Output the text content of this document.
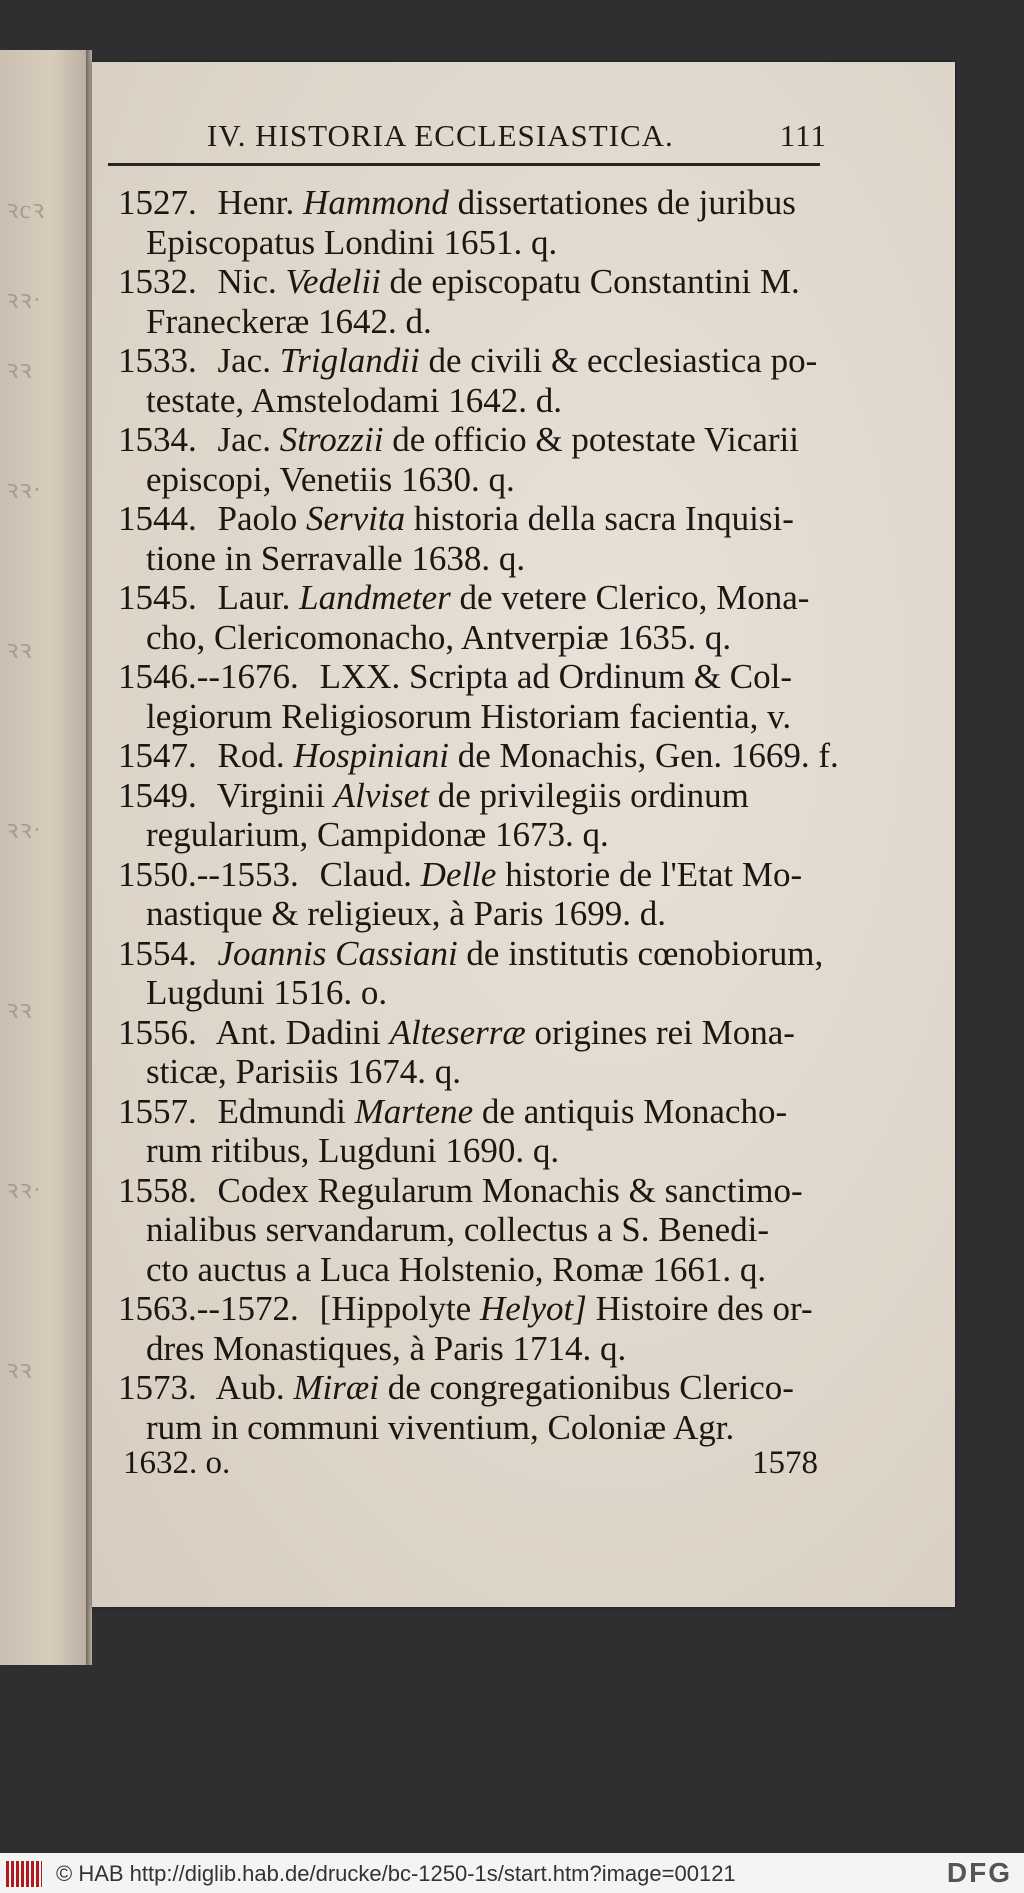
ꝛcꝛ
ꝛꝛ·
ꝛꝛ
ꝛꝛ·
ꝛꝛ
ꝛꝛ·
ꝛꝛ
ꝛꝛ·
ꝛꝛ
IV. HISTORIA ECCLESIASTICA.	111
1527. Henr. Hammond dissertationes de juribus
Episcopatus Londini 1651. q.
1532. Nic. Vedelii de episcopatu Constantini M.
Franeckeræ 1642. d.
1533. Jac. Triglandii de civili & ecclesiastica po-
testate, Amstelodami 1642. d.
1534. Jac. Strozzii de officio & potestate Vicarii
episcopi, Venetiis 1630. q.
1544. Paolo Servita historia della sacra Inquisi-
tione in Serravalle 1638. q.
1545. Laur. Landmeter de vetere Clerico, Mona-
cho, Clericomonacho, Antverpiæ 1635. q.
1546.--1676. LXX. Scripta ad Ordinum & Col-
legiorum Religiosorum Historiam facientia, v.
1547. Rod. Hospiniani de Monachis, Gen. 1669. f.
1549. Virginii Alviset de privilegiis ordinum
regularium, Campidonæ 1673. q.
1550.--1553. Claud. Delle historie de l'Etat Mo-
nastique & religieux, à Paris 1699. d.
1554. Joannis Cassiani de institutis cœnobiorum,
Lugduni 1516. o.
1556. Ant. Dadini Alteserræ origines rei Mona-
sticæ, Parisiis 1674. q.
1557. Edmundi Martene de antiquis Monacho-
rum ritibus, Lugduni 1690. q.
1558. Codex Regularum Monachis & sanctimo-
nialibus servandarum, collectus a S. Benedi-
cto auctus a Luca Holstenio, Romæ 1661. q.
1563.--1572. [Hippolyte Helyot] Histoire des or-
dres Monastiques, à Paris 1714. q.
1573. Aub. Miræi de congregationibus Clerico-
rum in communi viventium, Coloniæ Agr.
1632. o.	1578
© HAB http://diglib.hab.de/drucke/bc-1250-1s/start.htm?image=00121	DFG
